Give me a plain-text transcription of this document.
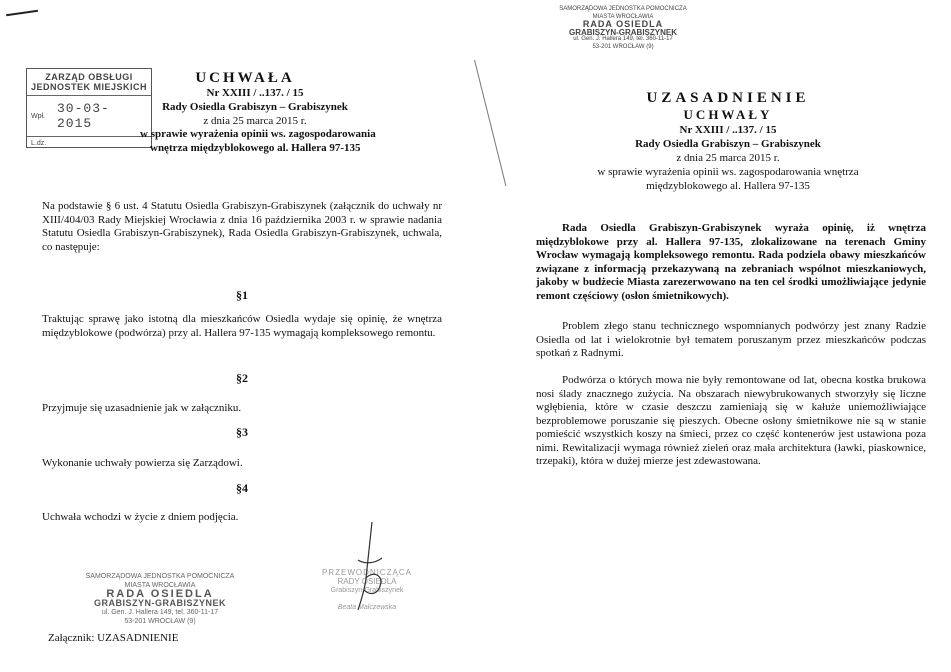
ZARZĄD OBSŁUGI
JEDNOSTEK MIEJSKICH
Wpł. 30-03- 2015
L.dz.
UCHWAŁA
Nr XXIII / ..137. / 15
Rady Osiedla Grabiszyn – Grabiszynek
z dnia 25 marca 2015 r.
w sprawie wyrażenia opinii ws. zagospodarowania
wnętrza międzyblokowego al. Hallera 97-135
Na podstawie § 6 ust. 4 Statutu Osiedla Grabiszyn-Grabiszynek (załącznik do uchwały nr XIII/404/03 Rady Miejskiej Wrocławia z dnia 16 października 2003 r. w sprawie nadania Statutu Osiedla Grabiszyn-Grabiszynek), Rada Osiedla Grabiszyn-Grabiszynek, uchwala, co następuje:
§1
Traktując sprawę jako istotną dla mieszkańców Osiedla wydaje się opinię, że wnętrza międzyblokowe (podwórza) przy al. Hallera 97-135 wymagają kompleksowego remontu.
§2
Przyjmuje się uzasadnienie jak w załączniku.
§3
Wykonanie uchwały powierza się Zarządowi.
§4
Uchwała wchodzi w życie z dniem podjęcia.
SAMORZĄDOWA JEDNOSTKA POMOCNICZA
MIASTA WROCŁAWIA
RADA OSIEDLA
GRABISZYN-GRABISZYNEK
ul. Gen. J. Hallera 149, tel. 360-11-17
53-201 WROCŁAW (9)
PRZEWODNICZĄCA
RADY OSIEDLA
Grabiszyn-Grabiszynek
Beata Malczewska
Załącznik: UZASADNIENIE
SAMORZĄDOWA JEDNOSTKA POMOCNICZA
MIASTA WROCŁAWIA
RADA OSIEDLA
GRABISZYN-GRABISZYNEK
ul. Gen. J. Hallera 149, tel. 360-11-17
53-201 WROCŁAW (9)
UZASADNIENIE
UCHWAŁY
Nr XXIII / ..137. / 15
Rady Osiedla Grabiszyn – Grabiszynek
z dnia 25 marca 2015 r.
w sprawie wyrażenia opinii ws. zagospodarowania wnętrza
międzyblokowego al. Hallera 97-135
Rada Osiedla Grabiszyn-Grabiszynek wyraża opinię, iż wnętrza międzyblokowe przy al. Hallera 97-135, zlokalizowane na terenach Gminy Wrocław wymagają kompleksowego remontu. Rada podziela obawy mieszkańców związane z informacją przekazywaną na zebraniach wspólnot mieszkaniowych, jakoby w budżecie Miasta zarezerwowano na ten cel środki umożliwiające jedynie remont częściowy (osłon śmietnikowych).
Problem złego stanu technicznego wspomnianych podwórzy jest znany Radzie Osiedla od lat i wielokrotnie był tematem poruszanym przez mieszkańców podczas spotkań z Radnymi.
Podwórza o których mowa nie były remontowane od lat, obecna kostka brukowa nosi ślady znacznego zużycia. Na obszarach niewybrukowanych stworzyły się liczne wgłębienia, które w czasie deszczu zamieniają się w kałuże uniemożliwiające bezproblemowe poruszanie się pieszych. Obecne osłony śmietnikowe nie są w stanie pomieścić wszystkich koszy na śmieci, przez co część kontenerów jest ustawiona poza nimi. Rewitalizacji wymaga również zieleń oraz mała architektura (ławki, piaskownice, trzepaki), która w dużej mierze jest zdewastowana.
